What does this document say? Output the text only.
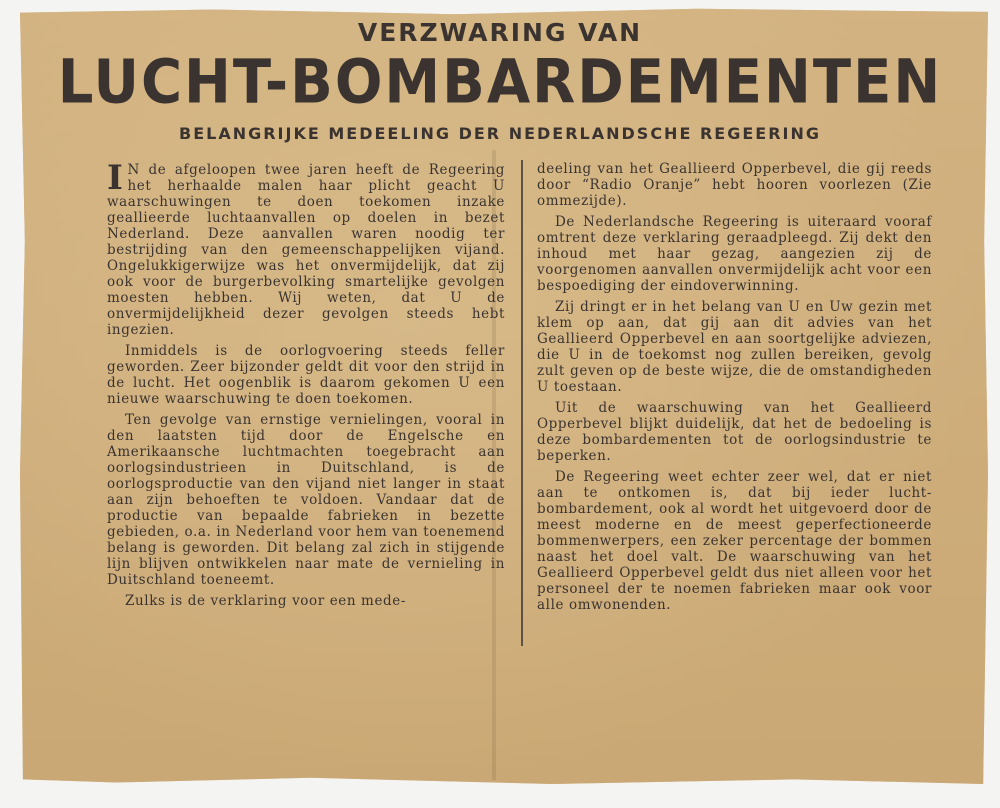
VERZWARING VAN
LUCHT-BOMBARDEMENTEN
BELANGRIJKE MEDEELING DER NEDERLANDSCHE REGEERING

I N de afgeloopen twee jaren heeft de Regeering het herhaalde malen haar plicht geacht U waarschuwingen te doen toekomen inzake geallieerde luchtaanvallen op doelen in bezet Nederland. Deze aanvallen waren noodig ter bestrijding van den gemeenschappelijken vijand. Ongelukkigerwijze was het onvermijdelijk, dat zij ook voor de burgerbevolking smartelijke gevolgen moesten hebben. Wij weten, dat U de onvermijdelijkheid dezer gevolgen steeds hebt ingezien.

Inmiddels is de oorlogvoering steeds feller geworden. Zeer bijzonder geldt dit voor den strijd in de lucht. Het oogenblik is daarom gekomen U een nieuwe waarschuwing te doen toekomen.

Ten gevolge van ernstige vernielingen, vooral in den laatsten tijd door de Engelsche en Amerikaansche luchtmachten toegebracht aan oorlogsindustrieen in Duitschland, is de oorlogsproductie van den vijand niet langer in staat aan zijn behoeften te voldoen. Vandaar dat de productie van bepaalde fabrieken in bezette gebieden, o.a. in Nederland voor hem van toenemend belang is geworden. Dit belang zal zich in stijgende lijn blijven ontwikkelen naar mate de vernieling in Duitschland toeneemt.

Zulks is de verklaring voor een mede-

deeling van het Geallieerd Opperbevel, die gij reeds door “Radio Oranje” hebt hooren voorlezen (Zie ommezijde).

De Nederlandsche Regeering is uiteraard vooraf omtrent deze verklaring geraadpleegd. Zij dekt den inhoud met haar gezag, aangezien zij de voorgenomen aanvallen onvermijdelijk acht voor een bespoediging der eindoverwinning.

Zij dringt er in het belang van U en Uw gezin met klem op aan, dat gij aan dit advies van het Geallieerd Opperbevel en aan soortgelijke adviezen, die U in de toekomst nog zullen bereiken, gevolg zult geven op de beste wijze, die de omstandigheden U toestaan.

Uit de waarschuwing van het Geallieerd Opperbevel blijkt duidelijk, dat het de bedoeling is deze bombardementen tot de oorlogsindustrie te beperken.

De Regeering weet echter zeer wel, dat er niet aan te ontkomen is, dat bij ieder lucht-bombardement, ook al wordt het uitgevoerd door de meest moderne en de meest geperfectioneerde bommenwerpers, een zeker percentage der bommen naast het doel valt. De waarschuwing van het Geallieerd Opperbevel geldt dus niet alleen voor het personeel der te noemen fabrieken maar ook voor alle omwonenden.
